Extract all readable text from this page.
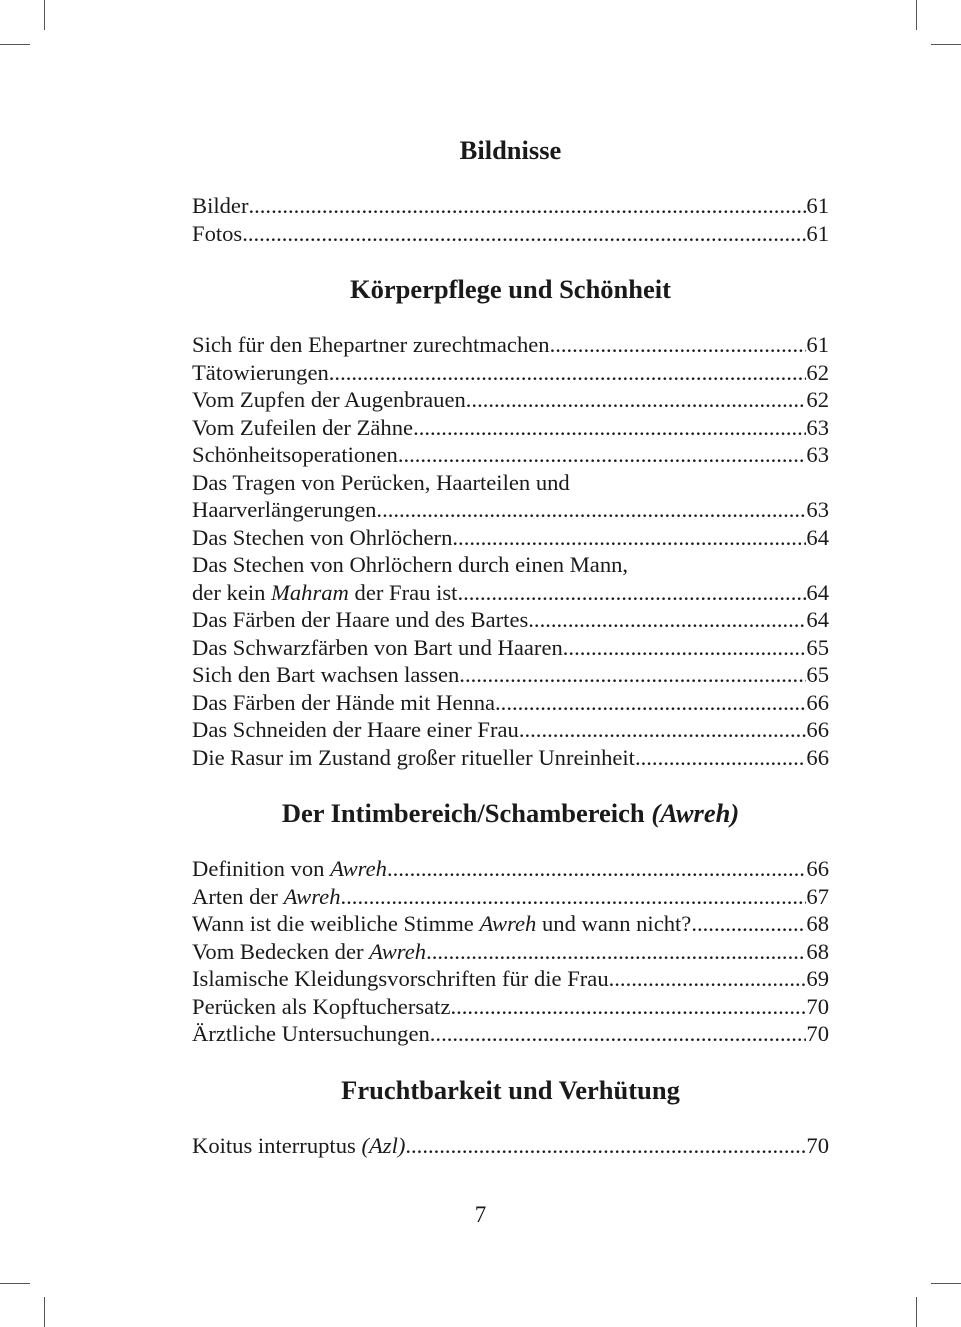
Bildnisse
Bilder .....	61
Fotos .....	61
Körperpflege und Schönheit
Sich für den Ehepartner zurechtmachen .....	61
Tätowierungen .....	62
Vom Zupfen der Augenbrauen .....	62
Vom Zufeilen der Zähne .....	63
Schönheitsoperationen .....	63
Das Tragen von Perücken, Haarteilen und
Haarverlängerungen .....	63
Das Stechen von Ohrlöchern .....	64
Das Stechen von Ohrlöchern durch einen Mann,
der kein Mahram der Frau ist .....	64
Das Färben der Haare und des Bartes .....	64
Das Schwarzfärben von Bart und Haaren .....	65
Sich den Bart wachsen lassen .....	65
Das Färben der Hände mit Henna .....	66
Das Schneiden der Haare einer Frau .....	66
Die Rasur im Zustand großer ritueller Unreinheit .....	66
Der Intimbereich/Schambereich (Awreh)
Definition von Awreh .....	66
Arten der Awreh .....	67
Wann ist die weibliche Stimme Awreh und wann nicht? .....	68
Vom Bedecken der Awreh .....	68
Islamische Kleidungsvorschriften für die Frau .....	69
Perücken als Kopftuchersatz .....	70
Ärztliche Untersuchungen .....	70
Fruchtbarkeit und Verhütung
Koitus interruptus (Azl) .....	70
7
